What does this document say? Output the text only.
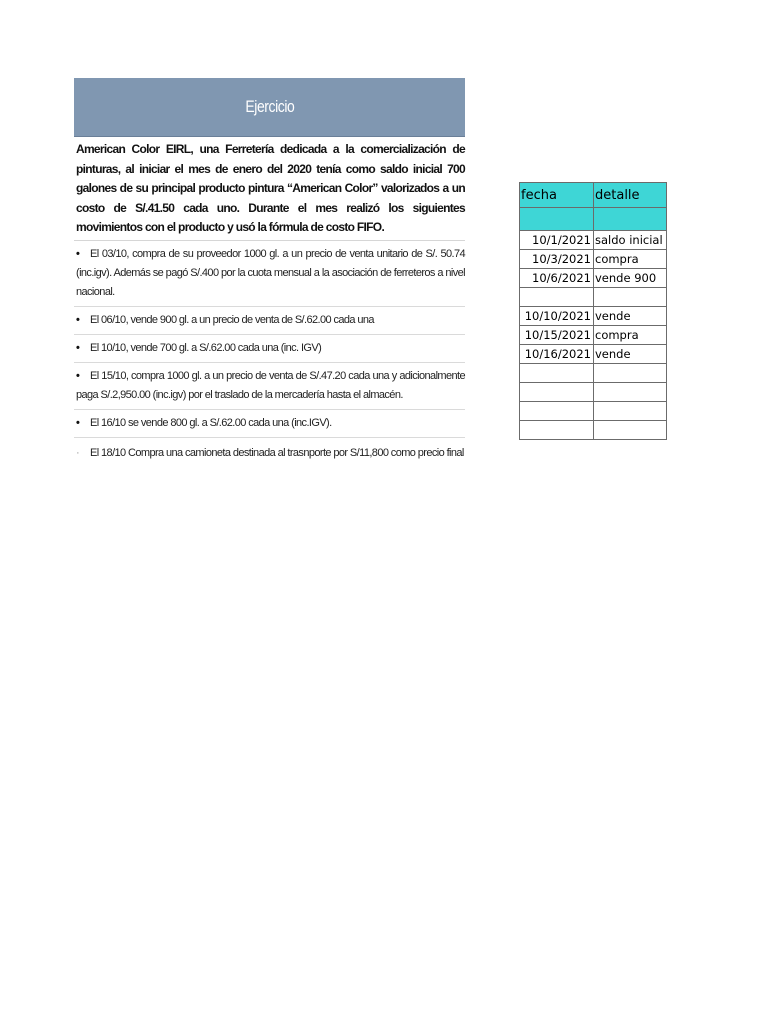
Ejercicio
American Color EIRL, una Ferretería dedicada a la comercialización de pinturas, al iniciar el mes de enero del 2020 tenía como saldo inicial 700 galones de su principal producto pintura “American Color” valorizados a un costo de S/.41.50 cada uno. Durante el mes realizó los siguientes movimientos con el producto y usó la fórmula de costo FIFO.
• El 03/10, compra de su proveedor 1000 gl. a un precio de venta unitario de S/. 50.74 (inc.igv). Además se pagó S/.400 por la cuota mensual a la asociación de ferreteros a nivel nacional.
• El 06/10, vende 900 gl. a un precio de venta de S/.62.00 cada una
• El 10/10, vende 700 gl. a S/.62.00 cada una (inc. IGV)
• El 15/10, compra 1000 gl. a un precio de venta de S/.47.20 cada una y adicionalmente paga S/.2,950.00 (inc.igv) por el traslado de la mercadería hasta el almacén.
• El 16/10 se vende 800 gl. a S/.62.00 cada una (inc.IGV).
· El 18/10 Compra una camioneta destinada al trasnporte por S/11,800 como precio final
fecha	detalle

10/1/2021	saldo inicial
10/3/2021	compra
10/6/2021	vende 900

10/10/2021	vende
10/15/2021	compra
10/16/2021	vende
